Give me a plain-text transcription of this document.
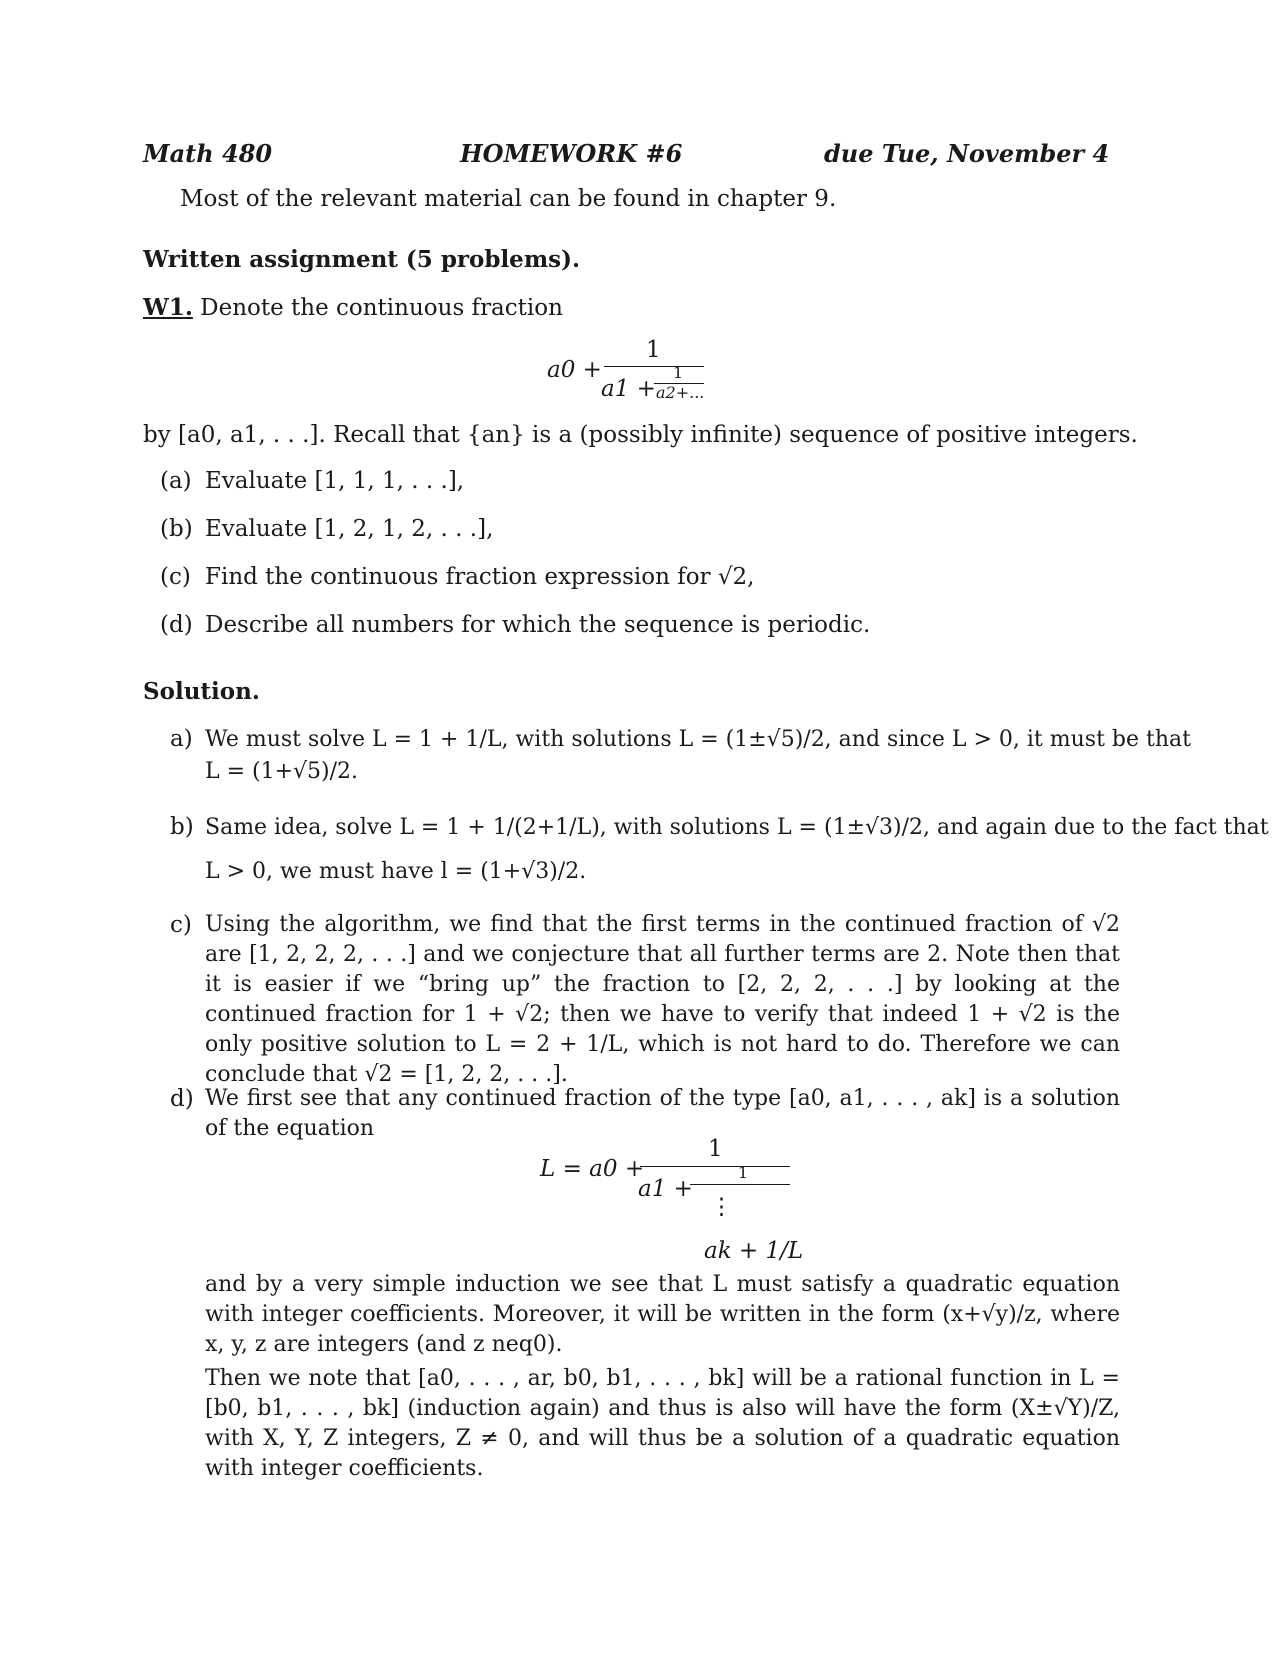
Math 480	HOMEWORK #6	due Tue, November 4
Most of the relevant material can be found in chapter 9.
Written assignment (5 problems).
W1. Denote the continuous fraction
a0 +
1
a1 +
1
a2+...
by [a0, a1, . . .]. Recall that {an} is a (possibly infinite) sequence of positive integers.
(a) Evaluate [1, 1, 1, . . .],
(b) Evaluate [1, 2, 1, 2, . . .],
(c) Find the continuous fraction expression for √2,
(d) Describe all numbers for which the sequence is periodic.
Solution.
a) We must solve L = 1 + 1/L, with solutions L = (1±√5)/2, and since L > 0, it must be that
L = (1+√5)/2.
b) Same idea, solve L = 1 + 1/(2+1/L), with solutions L = (1±√3)/2, and again due to the fact that
L > 0, we must have l = (1+√3)/2.
c) Using the algorithm, we find that the first terms in the continued fraction of √2 are [1, 2, 2, 2, . . .] and we conjecture that all further terms are 2. Note then that it is easier if we “bring up” the fraction to [2, 2, 2, . . .] by looking at the continued fraction for 1 + √2; then we have to verify that indeed 1 + √2 is the only positive solution to L = 2 + 1/L, which is not hard to do. Therefore we can conclude that √2 = [1, 2, 2, . . .].
d) We first see that any continued fraction of the type [a0, a1, . . . , ak] is a solution of the equation
L = a0 +
1
a1 +
1
⋮
ak + 1/L
and by a very simple induction we see that L must satisfy a quadratic equation with integer coefficients. Moreover, it will be written in the form (x+√y)/z, where x, y, z are integers (and z neq0).
Then we note that [a0, . . . , ar, b0, b1, . . . , bk] will be a rational function in L = [b0, b1, . . . , bk] (induction again) and thus is also will have the form (X±√Y)/Z, with X, Y, Z integers, Z ≠ 0, and will thus be a solution of a quadratic equation with integer coefficients.
